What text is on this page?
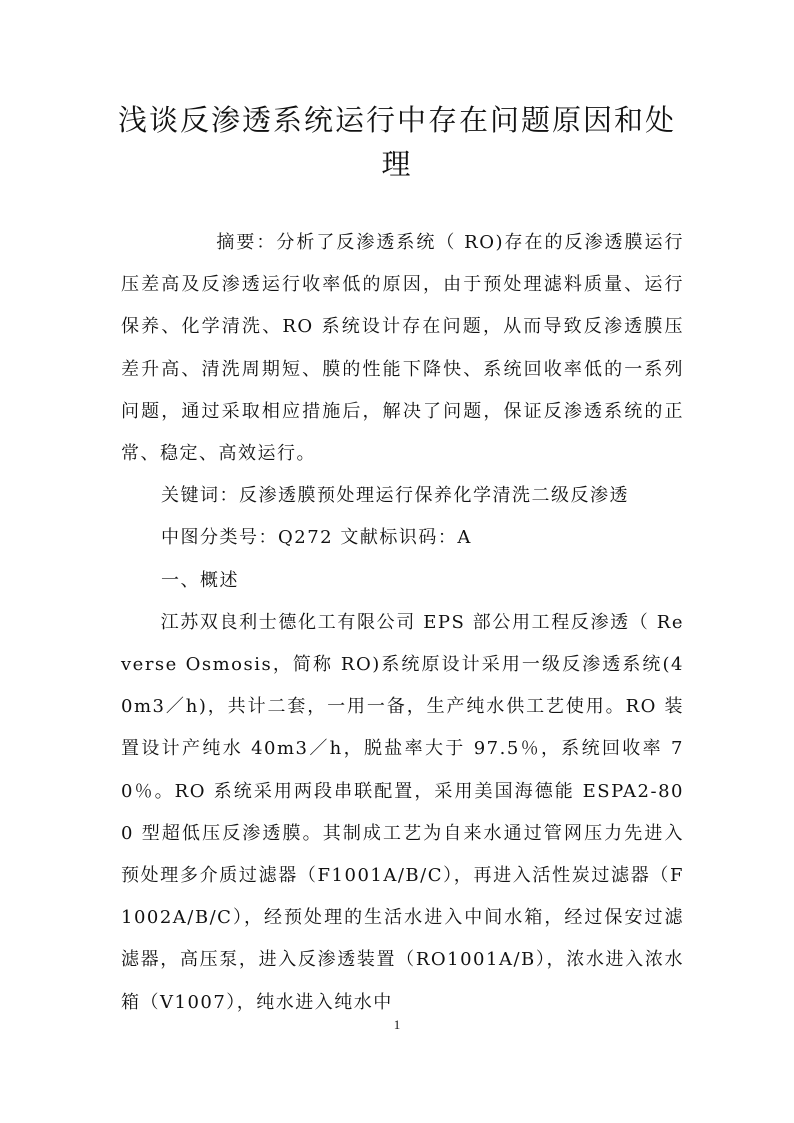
浅谈反渗透系统运行中存在问题原因和处理

摘要：分析了反渗透系统（ RO)存在的反渗透膜运行压差高及反渗透运行收率低的原因，由于预处理滤料质量、运行保养、化学清洗、RO 系统设计存在问题，从而导致反渗透膜压差升高、清洗周期短、膜的性能下降快、系统回收率低的一系列问题，通过采取相应措施后，解决了问题，保证反渗透系统的正常、稳定、高效运行。

关键词：反渗透膜预处理运行保养化学清洗二级反渗透

中图分类号：Q272 文献标识码：A

一、概述

江苏双良利士德化工有限公司 EPS 部公用工程反渗透（ Reverse Osmosis，简称 RO)系统原设计采用一级反渗透系统(40m3／h)，共计二套，一用一备，生产纯水供工艺使用。RO 装置设计产纯水 40m3／h，脱盐率大于 97.5％，系统回收率 70％。RO 系统采用两段串联配置，采用美国海德能 ESPA2-800 型超低压反渗透膜。其制成工艺为自来水通过管网压力先进入预处理多介质过滤器（F1001A/B/C），再进入活性炭过滤器（F1002A/B/C），经预处理的生活水进入中间水箱，经过保安过滤滤器，高压泵，进入反渗透装置（RO1001A/B），浓水进入浓水箱（V1007），纯水进入纯水中

1
